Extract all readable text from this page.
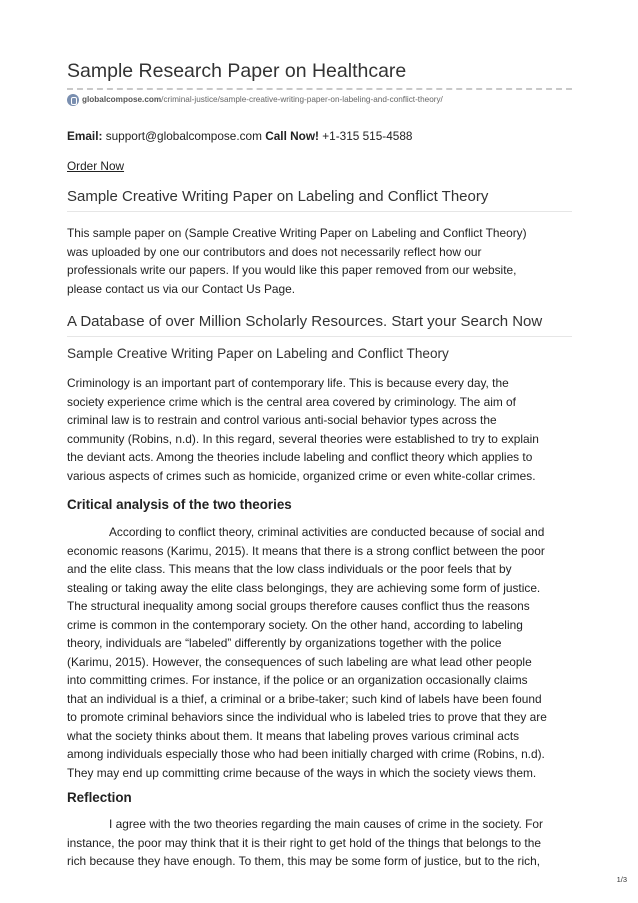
Sample Research Paper on Healthcare
globalcompose.com/criminal-justice/sample-creative-writing-paper-on-labeling-and-conflict-theory/
Email: support@globalcompose.com Call Now! +1-315 515-4588
Order Now
Sample Creative Writing Paper on Labeling and Conflict Theory
This sample paper on (Sample Creative Writing Paper on Labeling and Conflict Theory)
was uploaded by one our contributors and does not necessarily reflect how our
professionals write our papers. If you would like this paper removed from our website,
please contact us via our Contact Us Page.
A Database of over Million Scholarly Resources. Start your Search Now
Sample Creative Writing Paper on Labeling and Conflict Theory
Criminology is an important part of contemporary life. This is because every day, the
society experience crime which is the central area covered by criminology. The aim of
criminal law is to restrain and control various anti-social behavior types across the
community (Robins, n.d). In this regard, several theories were established to try to explain
the deviant acts. Among the theories include labeling and conflict theory which applies to
various aspects of crimes such as homicide, organized crime or even white-collar crimes.
Critical analysis of the two theories
According to conflict theory, criminal activities are conducted because of social and
economic reasons (Karimu, 2015). It means that there is a strong conflict between the poor
and the elite class. This means that the low class individuals or the poor feels that by
stealing or taking away the elite class belongings, they are achieving some form of justice.
The structural inequality among social groups therefore causes conflict thus the reasons
crime is common in the contemporary society. On the other hand, according to labeling
theory, individuals are “labeled” differently by organizations together with the police
(Karimu, 2015). However, the consequences of such labeling are what lead other people
into committing crimes. For instance, if the police or an organization occasionally claims
that an individual is a thief, a criminal or a bribe-taker; such kind of labels have been found
to promote criminal behaviors since the individual who is labeled tries to prove that they are
what the society thinks about them. It means that labeling proves various criminal acts
among individuals especially those who had been initially charged with crime (Robins, n.d).
They may end up committing crime because of the ways in which the society views them.
Reflection
I agree with the two theories regarding the main causes of crime in the society. For
instance, the poor may think that it is their right to get hold of the things that belongs to the
rich because they have enough. To them, this may be some form of justice, but to the rich,
1/3
